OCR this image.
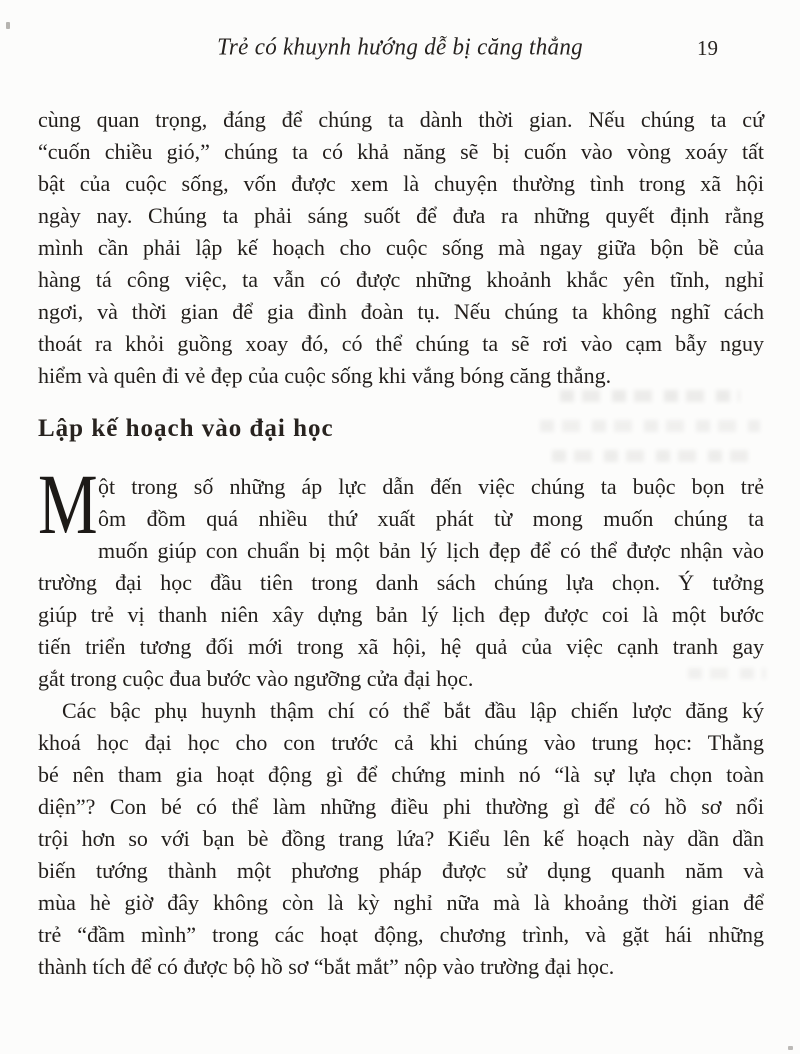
Trẻ có khuynh hướng dễ bị căng thẳng	19
cùng quan trọng, đáng để chúng ta dành thời gian. Nếu chúng ta cứ
“cuốn chiều gió,” chúng ta có khả năng sẽ bị cuốn vào vòng xoáy tất
bật của cuộc sống, vốn được xem là chuyện thường tình trong xã hội
ngày nay. Chúng ta phải sáng suốt để đưa ra những quyết định rằng
mình cần phải lập kế hoạch cho cuộc sống mà ngay giữa bộn bề của
hàng tá công việc, ta vẫn có được những khoảnh khắc yên tĩnh, nghỉ
ngơi, và thời gian để gia đình đoàn tụ. Nếu chúng ta không nghĩ cách
thoát ra khỏi guồng xoay đó, có thể chúng ta sẽ rơi vào cạm bẫy nguy
hiểm và quên đi vẻ đẹp của cuộc sống khi vắng bóng căng thẳng.
Lập kế hoạch vào đại học
M ột trong số những áp lực dẫn đến việc chúng ta buộc bọn trẻ
ôm đồm quá nhiều thứ xuất phát từ mong muốn chúng ta
muốn giúp con chuẩn bị một bản lý lịch đẹp để có thể được nhận vào
trường đại học đầu tiên trong danh sách chúng lựa chọn. Ý tưởng
giúp trẻ vị thanh niên xây dựng bản lý lịch đẹp được coi là một bước
tiến triển tương đối mới trong xã hội, hệ quả của việc cạnh tranh gay
gắt trong cuộc đua bước vào ngưỡng cửa đại học.
Các bậc phụ huynh thậm chí có thể bắt đầu lập chiến lược đăng ký
khoá học đại học cho con trước cả khi chúng vào trung học: Thằng
bé nên tham gia hoạt động gì để chứng minh nó “là sự lựa chọn toàn
diện”? Con bé có thể làm những điều phi thường gì để có hồ sơ nổi
trội hơn so với bạn bè đồng trang lứa? Kiểu lên kế hoạch này dần dần
biến tướng thành một phương pháp được sử dụng quanh năm và
mùa hè giờ đây không còn là kỳ nghỉ nữa mà là khoảng thời gian để
trẻ “đầm mình” trong các hoạt động, chương trình, và gặt hái những
thành tích để có được bộ hồ sơ “bắt mắt” nộp vào trường đại học.
